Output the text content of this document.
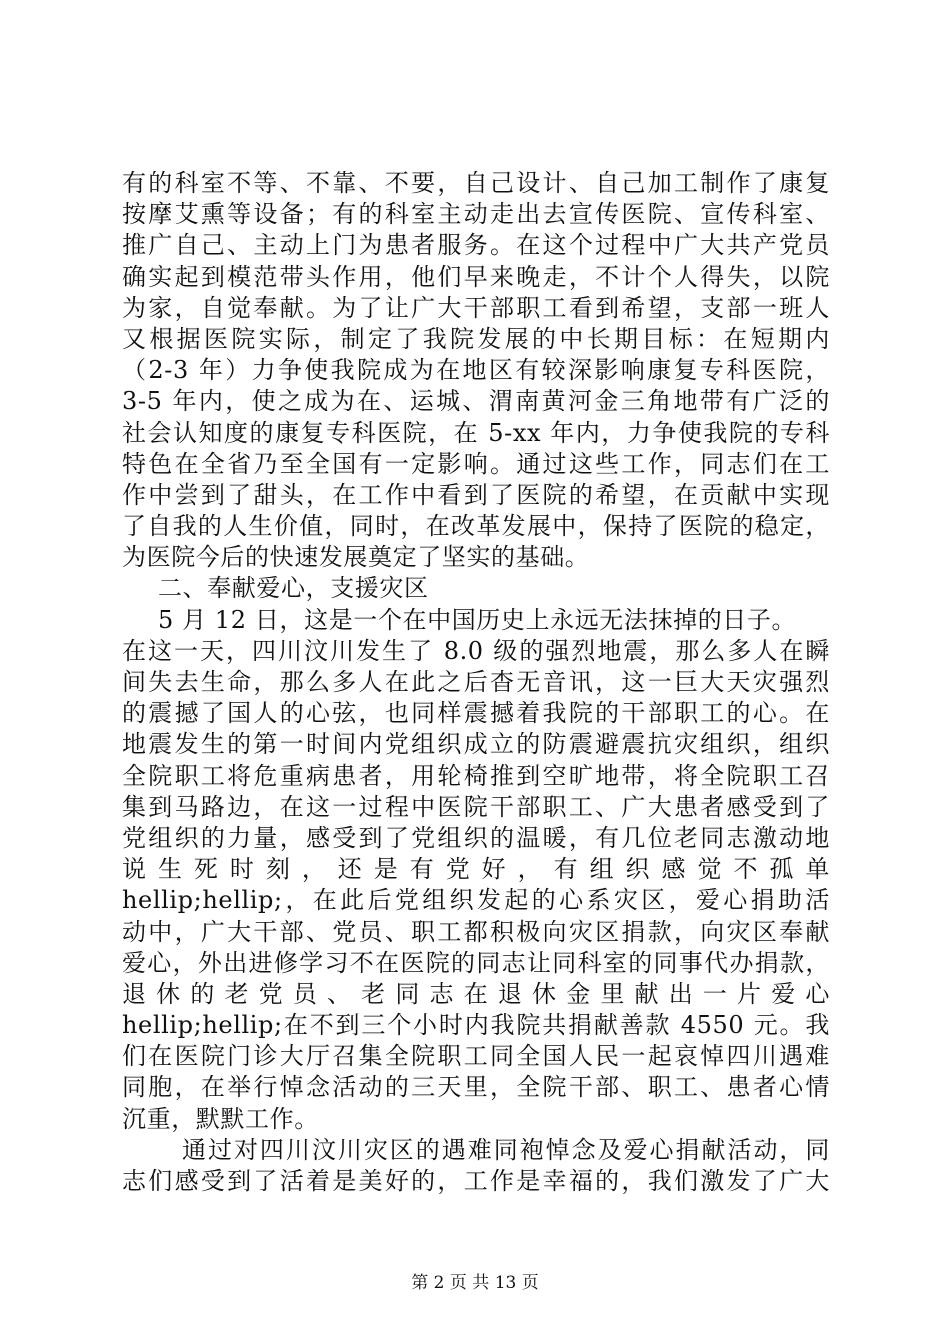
有的科室不等、不靠、不要，自己设计、自己加工制作了康复
按摩艾熏等设备；有的科室主动走出去宣传医院、宣传科室、
推广自己、主动上门为患者服务。在这个过程中广大共产党员
确实起到模范带头作用，他们早来晚走，不计个人得失，以院
为家，自觉奉献。为了让广大干部职工看到希望，支部一班人
又根据医院实际，制定了我院发展的中长期目标：在短期内
（2-3 年）力争使我院成为在地区有较深影响康复专科医院，
3-5 年内，使之成为在、运城、渭南黄河金三角地带有广泛的
社会认知度的康复专科医院，在 5-xx 年内，力争使我院的专科
特色在全省乃至全国有一定影响。通过这些工作，同志们在工
作中尝到了甜头，在工作中看到了医院的希望，在贡献中实现
了自我的人生价值，同时，在改革发展中，保持了医院的稳定，
为医院今后的快速发展奠定了坚实的基础。
二、奉献爱心，支援灾区
5 月 12 日，这是一个在中国历史上永远无法抹掉的日子。
在这一天，四川汶川发生了 8.0 级的强烈地震，那么多人在瞬
间失去生命，那么多人在此之后杳无音讯，这一巨大天灾强烈
的震撼了国人的心弦，也同样震撼着我院的干部职工的心。在
地震发生的第一时间内党组织成立的防震避震抗灾组织，组织
全院职工将危重病患者，用轮椅推到空旷地带，将全院职工召
集到马路边，在这一过程中医院干部职工、广大患者感受到了
党组织的力量，感受到了党组织的温暖，有几位老同志激动地
说 生 死 时 刻 ， 还 是 有 党 好 ， 有 组 织 感 觉 不 孤 单
hellip;hellip;，在此后党组织发起的心系灾区，爱心捐助活
动中，广大干部、党员、职工都积极向灾区捐款，向灾区奉献
爱心，外出进修学习不在医院的同志让同科室的同事代办捐款，
退 休 的 老 党 员 、 老 同 志 在 退 休 金 里 献 出 一 片 爱 心
hellip;hellip;在不到三个小时内我院共捐献善款 4550 元。我
们在医院门诊大厅召集全院职工同全国人民一起哀悼四川遇难
同胞，在举行悼念活动的三天里，全院干部、职工、患者心情
沉重，默默工作。
通过对四川汶川灾区的遇难同袍悼念及爱心捐献活动，同
志们感受到了活着是美好的，工作是幸福的，我们激发了广大
第 2 页 共 13 页
